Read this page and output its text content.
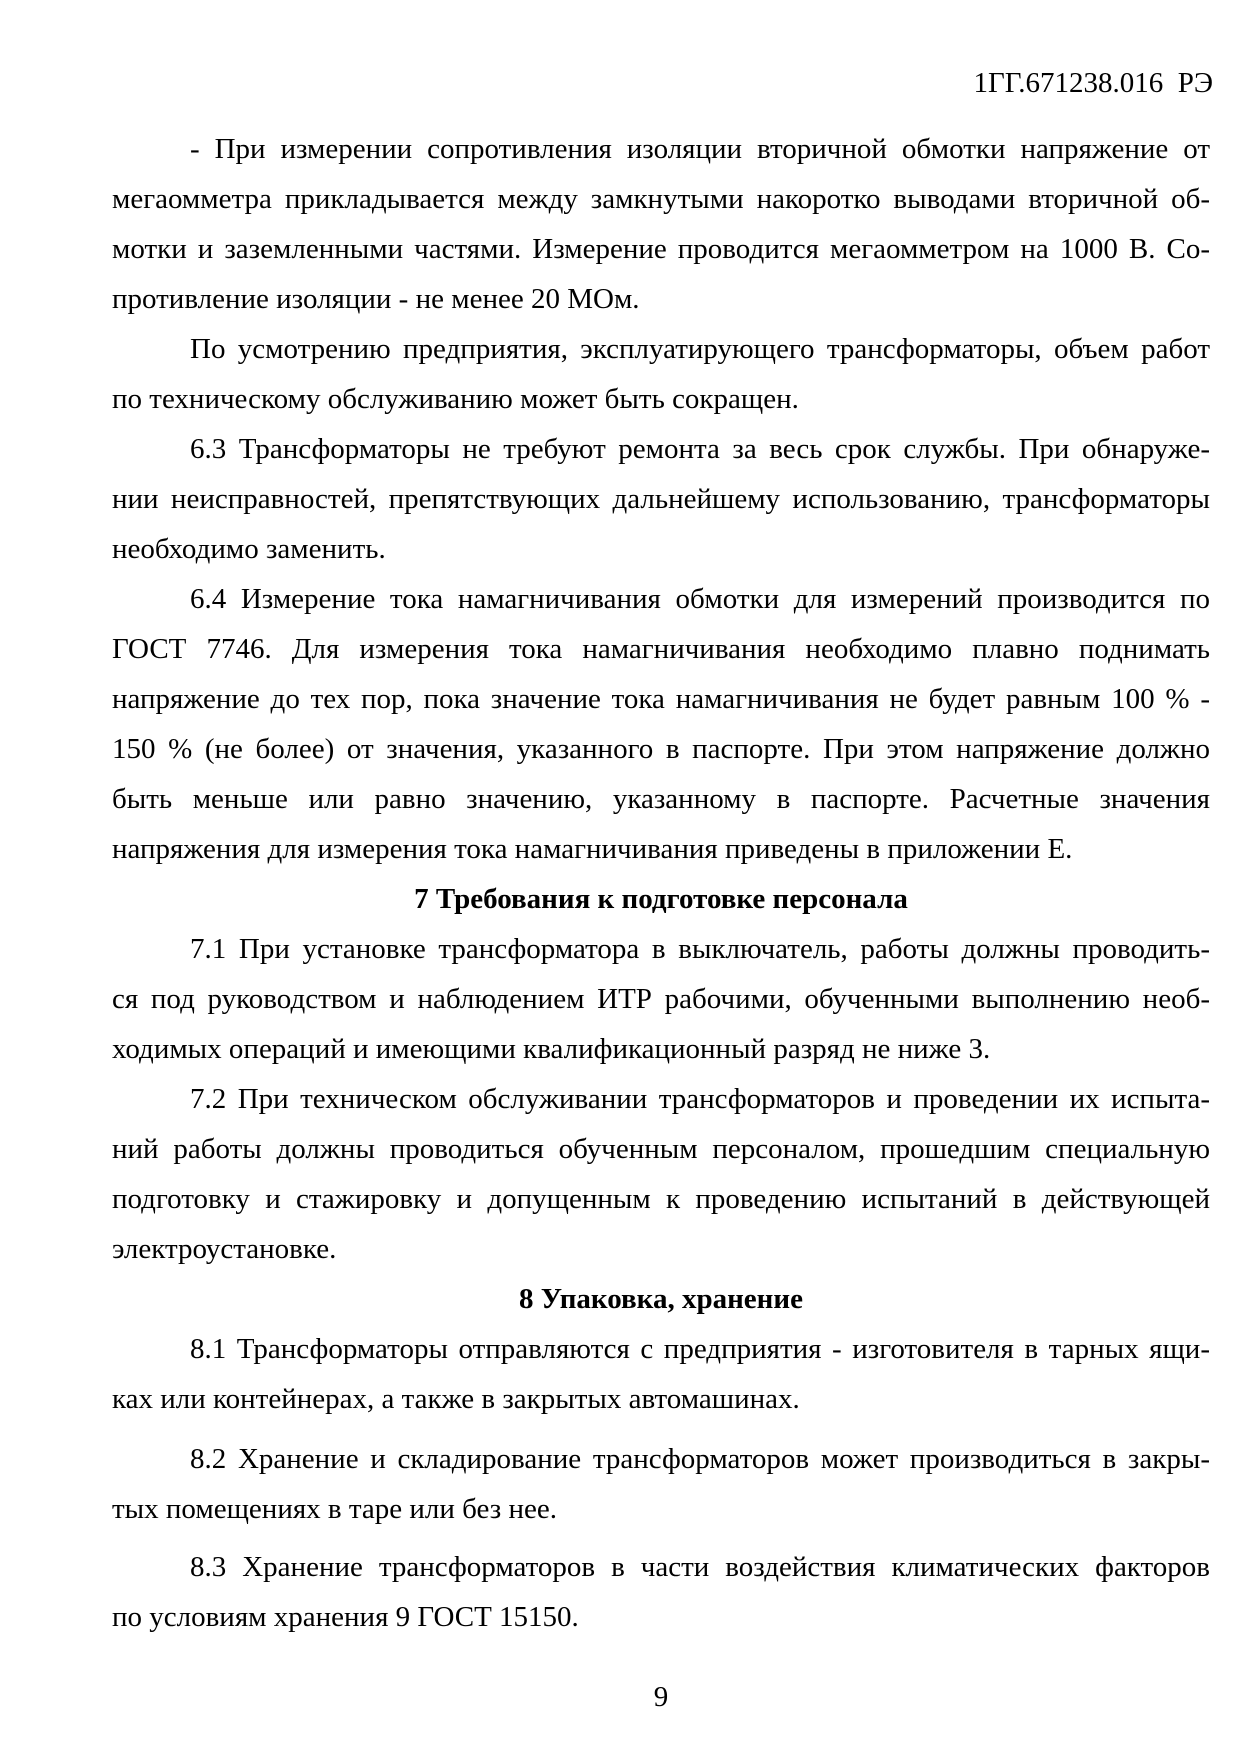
1ГГ.671238.016  РЭ
- При измерении сопротивления изоляции вторичной обмотки напряжение от
мегаомметра прикладывается между замкнутыми накоротко выводами вторичной об-
мотки и заземленными частями. Измерение проводится мегаомметром на 1000 В. Со-
противление изоляции - не менее 20 МОм.
По усмотрению предприятия, эксплуатирующего трансформаторы, объем работ
по техническому обслуживанию может быть сокращен.
6.3 Трансформаторы не требуют ремонта за весь срок службы. При обнаруже-
нии неисправностей, препятствующих дальнейшему использованию, трансформаторы
необходимо заменить.
6.4 Измерение тока намагничивания обмотки для измерений производится по
ГОСТ 7746. Для измерения тока намагничивания необходимо плавно поднимать
напряжение до тех пор, пока значение тока намагничивания не будет равным 100 % -
150 % (не более) от значения, указанного в паспорте. При этом напряжение должно
быть меньше или равно значению, указанному в паспорте. Расчетные значения
напряжения для измерения тока намагничивания приведены в приложении Е.
7 Требования к подготовке персонала
7.1 При установке трансформатора в выключатель, работы должны проводить-
ся под руководством и наблюдением ИТР рабочими, обученными выполнению необ-
ходимых операций и имеющими квалификационный разряд не ниже 3.
7.2 При техническом обслуживании трансформаторов и проведении их испыта-
ний работы должны проводиться обученным персоналом, прошедшим специальную
подготовку и стажировку и допущенным к проведению испытаний в действующей
электроустановке.
8 Упаковка, хранение
8.1 Трансформаторы отправляются с предприятия - изготовителя в тарных ящи-
ках или контейнерах, а также в закрытых автомашинах.
8.2 Хранение и складирование трансформаторов может производиться в закры-
тых помещениях в таре или без нее.
8.3 Хранение трансформаторов в части воздействия климатических факторов
по условиям хранения 9 ГОСТ 15150.
9
